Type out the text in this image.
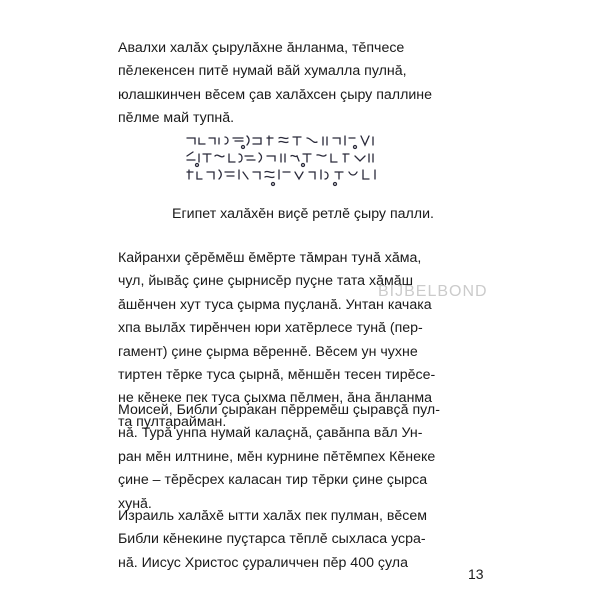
Авалхи халăх çырулăхне ăнланма, тĕпчесе
пĕлекенсен питĕ нумай вăй хумалла пулнă,
юлашкинчен вĕсем çав халăхсен çыру паллине
пĕлме май тупнă.

Египет халăхĕн виçĕ ретлĕ çыру палли.

Кайранхи çĕрĕмĕш ĕмĕрте тăмран тунă хăма,
чул, йывăç çине çырнисĕр пуçне тата хăмăш
ăшĕнчен хут туса çырма пуçланă. Унтан качака
хпа вылăх тирĕнчен юри хатĕрлесе тунă (пер-
гамент) çине çырма вĕреннĕ. Вĕсем ун чухне
тиртен тĕрке туса çырнă, мĕншĕн тесен тирĕсе-
не кĕнеке пек туса çыхма пĕлмен, ăна ăнланма
та пултарайман.

BIJBELBOND

Моисей, Библи çыракан пĕрремĕш çыравçă пул-
нă. Турă унпа нумай калаçнă, çавăнпа вăл Ун-
ран мĕн илтнине, мĕн курнине пĕтĕмпех Кĕнеке
çине – тĕрĕсрех каласан тир тĕрки çине çырса
хунă.

Израиль халăхĕ ытти халăх пек пулман, вĕсем
Библи кĕнекине пуçтарса тĕплĕ сыхласа усра-
нă. Иисус Христос çураличчен пĕр 400 çула

13
